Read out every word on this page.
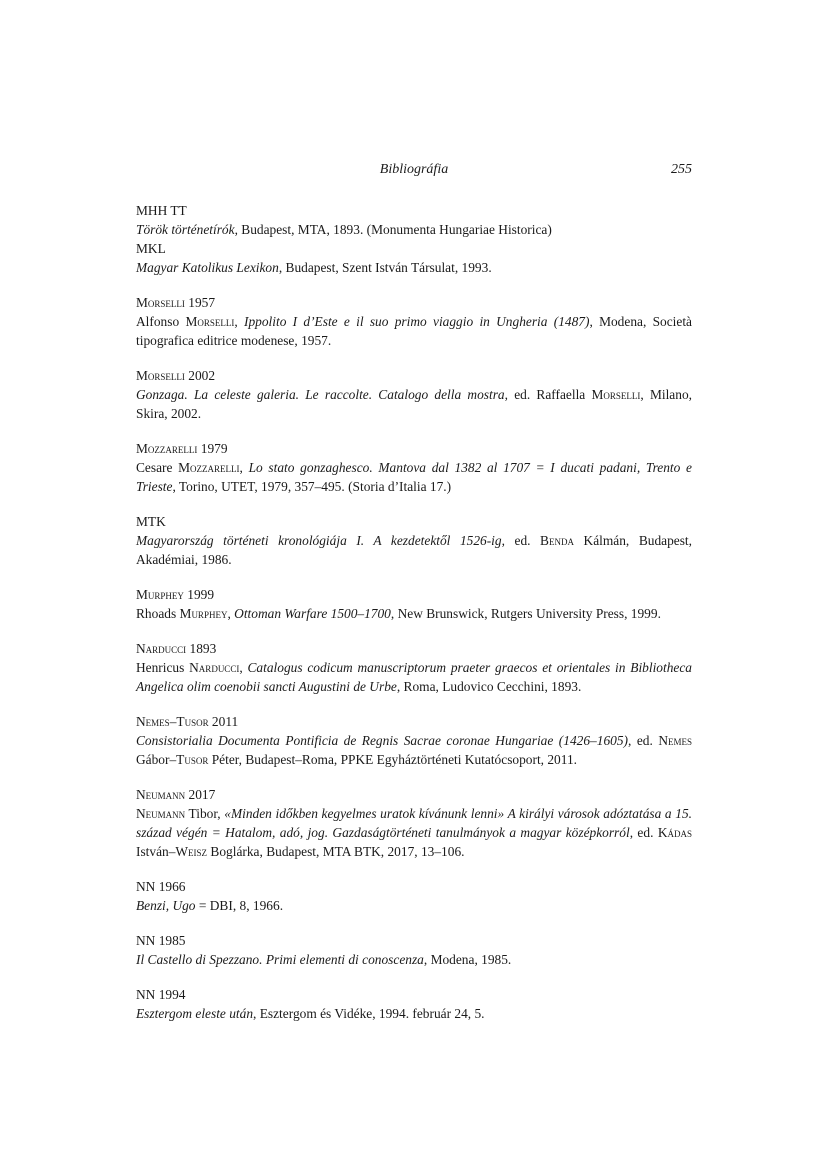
Bibliográfia	255
MHH TT
Török történetírók, Budapest, MTA, 1893. (Monumenta Hungariae Historica)
MKL
Magyar Katolikus Lexikon, Budapest, Szent István Társulat, 1993.
Morselli 1957
Alfonso Morselli, Ippolito I d’Este e il suo primo viaggio in Ungheria (1487), Modena, Società tipografica editrice modenese, 1957.
Morselli 2002
Gonzaga. La celeste galeria. Le raccolte. Catalogo della mostra, ed. Raffaella Morselli, Milano, Skira, 2002.
Mozzarelli 1979
Cesare Mozzarelli, Lo stato gonzaghesco. Mantova dal 1382 al 1707 = I ducati padani, Trento e Trieste, Torino, UTET, 1979, 357–495. (Storia d’Italia 17.)
MTK
Magyarország történeti kronológiája I. A kezdetektől 1526-ig, ed. Benda Kálmán, Budapest, Akadémiai, 1986.
Murphey 1999
Rhoads Murphey, Ottoman Warfare 1500–1700, New Brunswick, Rutgers University Press, 1999.
Narducci 1893
Henricus Narducci, Catalogus codicum manuscriptorum praeter graecos et orientales in Bibliotheca Angelica olim coenobii sancti Augustini de Urbe, Roma, Ludovico Cecchini, 1893.
Nemes–Tusor 2011
Consistorialia Documenta Pontificia de Regnis Sacrae coronae Hungariae (1426–1605), ed. Nemes Gábor–Tusor Péter, Budapest–Roma, PPKE Egyháztörténeti Kutatócsoport, 2011.
Neumann 2017
Neumann Tibor, «Minden időkben kegyelmes uratok kívánunk lenni» A királyi városok adóztatása a 15. század végén = Hatalom, adó, jog. Gazdaságtörténeti tanulmányok a magyar középkorról, ed. Kádas István–Weisz Boglárka, Budapest, MTA BTK, 2017, 13–106.
NN 1966
Benzi, Ugo = DBI, 8, 1966.
NN 1985
Il Castello di Spezzano. Primi elementi di conoscenza, Modena, 1985.
NN 1994
Esztergom eleste után, Esztergom és Vidéke, 1994. február 24, 5.
